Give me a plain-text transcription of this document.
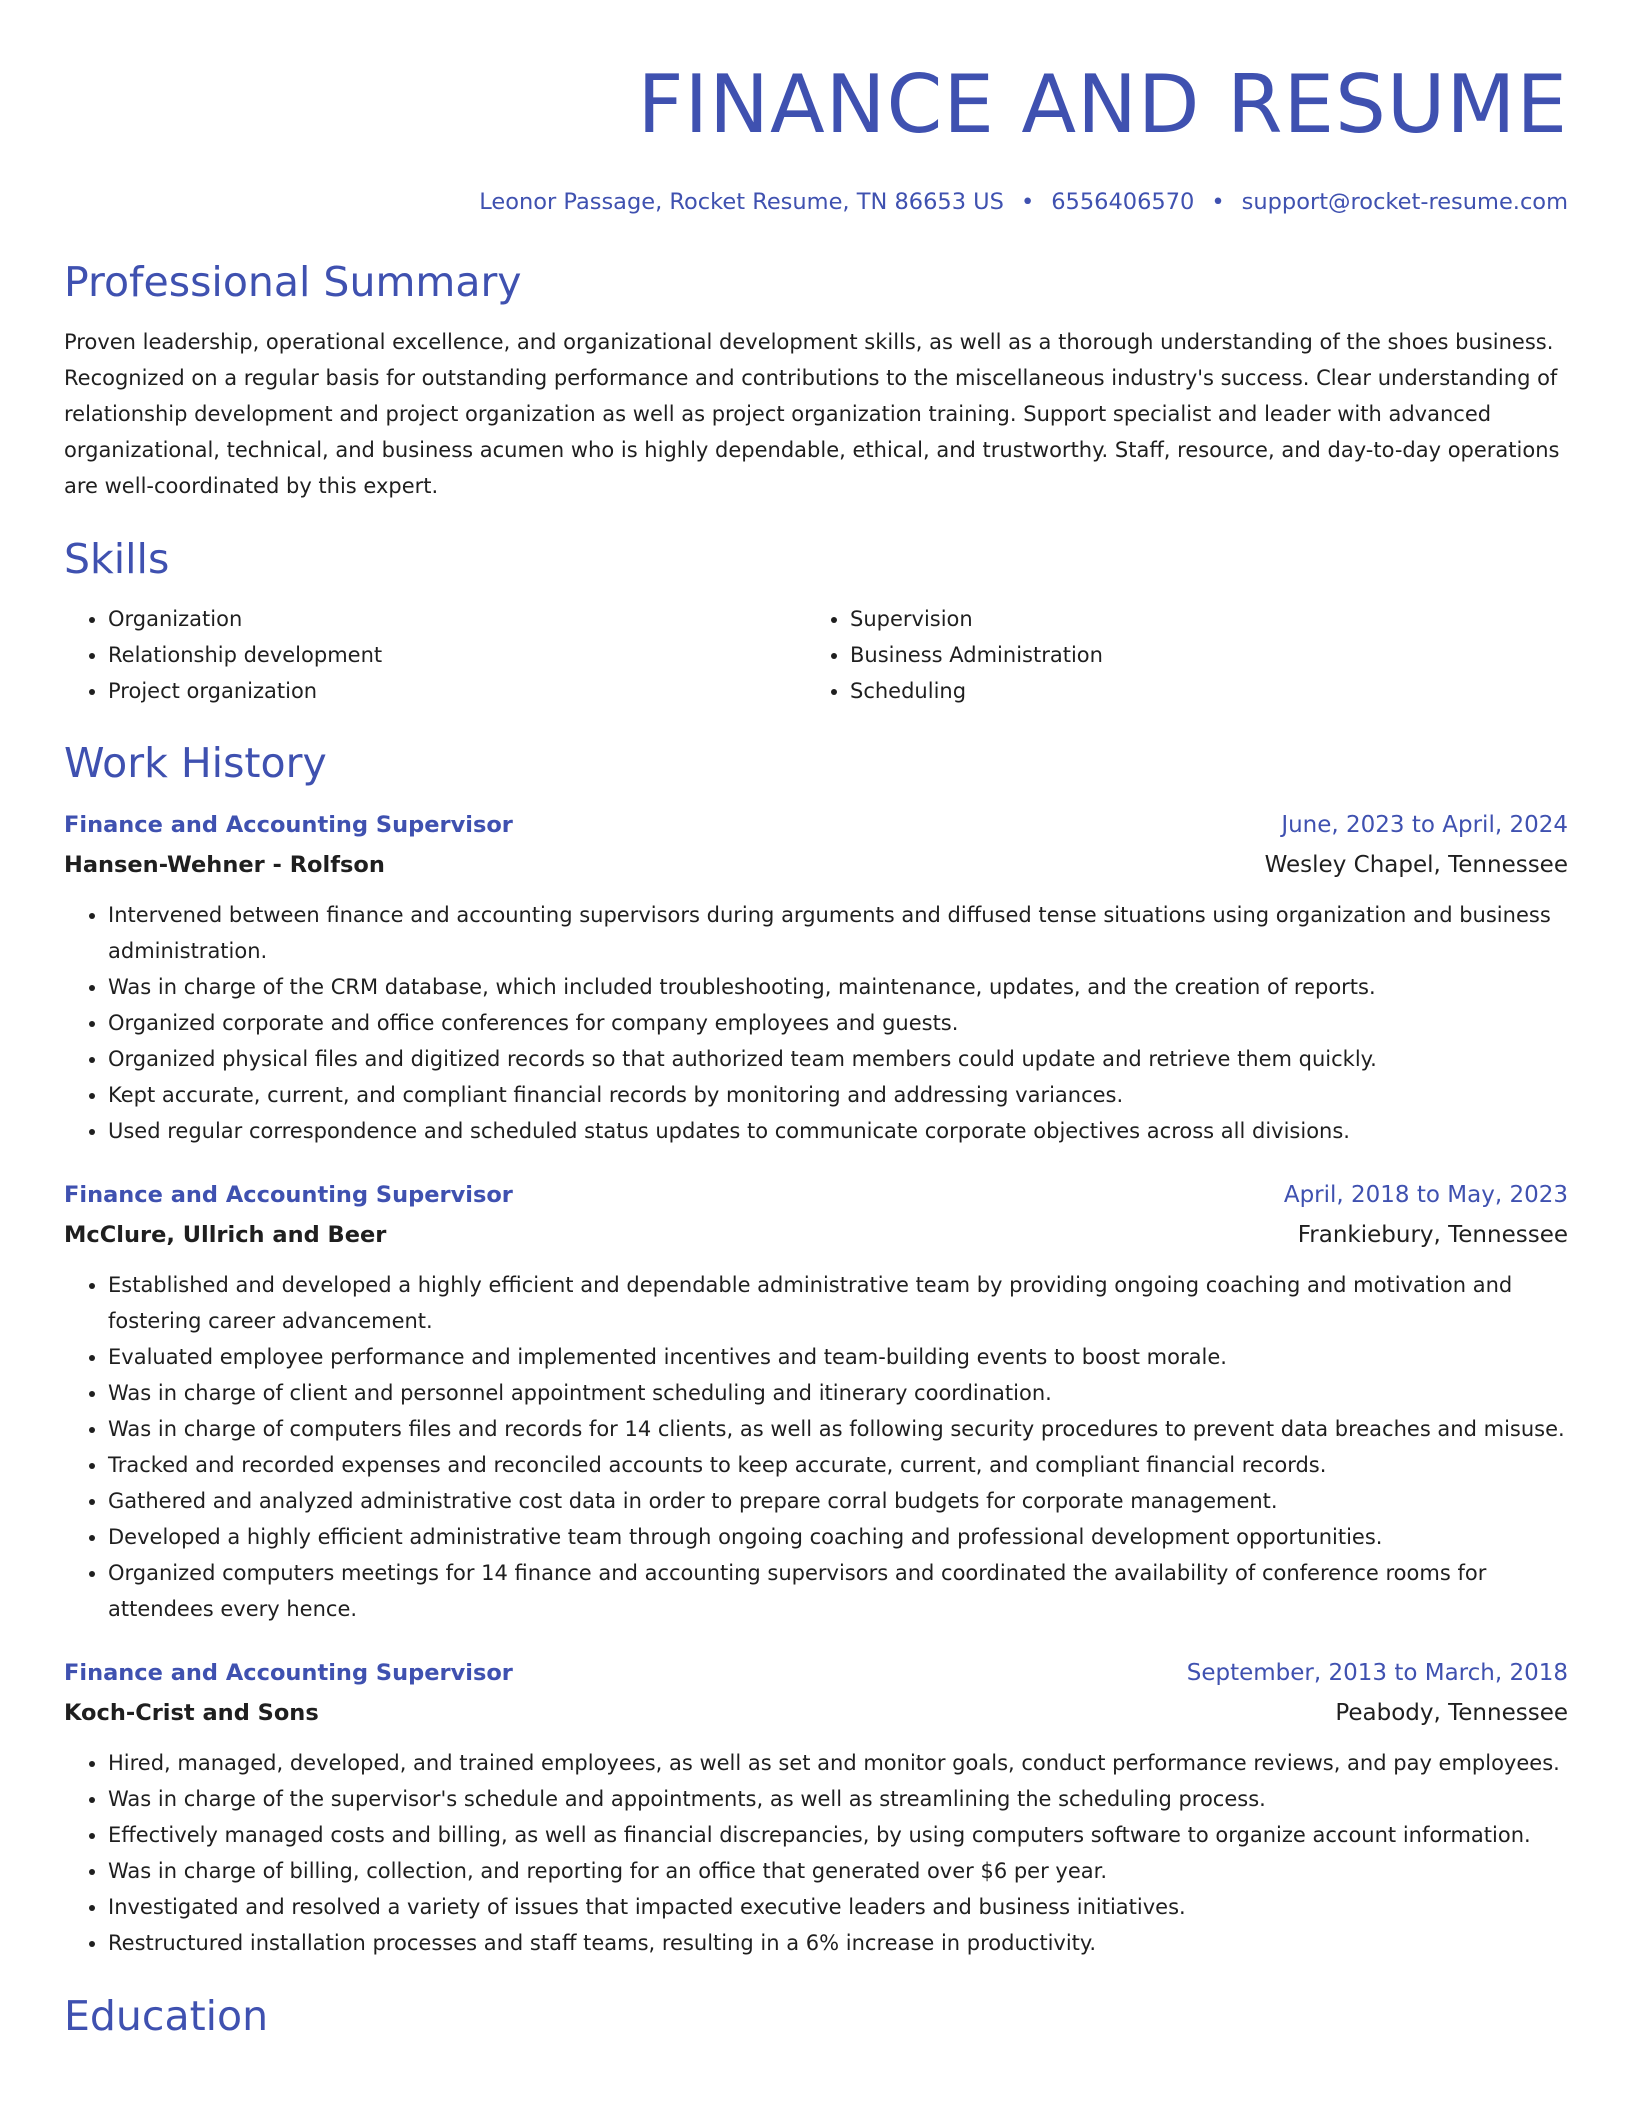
FINANCE AND RESUME
Leonor Passage, Rocket Resume, TN 86653 US • 6556406570 • support@rocket-resume.com
Professional Summary

Proven leadership, operational excellence, and organizational development skills, as well as a thorough understanding of the shoes business. Recognized on a regular basis for outstanding performance and contributions to the miscellaneous industry's success. Clear understanding of relationship development and project organization as well as project organization training. Support specialist and leader with advanced organizational, technical, and business acumen who is highly dependable, ethical, and trustworthy. Staff, resource, and day-to-day operations are well-coordinated by this expert.

Skills
• Organization
• Relationship development
• Project organization
• Supervision
• Business Administration
• Scheduling
Work History
Finance and Accounting Supervisor	June, 2023 to April, 2024
Hansen-Wehner - Rolfson	Wesley Chapel, Tennessee
• Intervened between finance and accounting supervisors during arguments and diffused tense situations using organization and business administration.
• Was in charge of the CRM database, which included troubleshooting, maintenance, updates, and the creation of reports.
• Organized corporate and office conferences for company employees and guests.
• Organized physical files and digitized records so that authorized team members could update and retrieve them quickly.
• Kept accurate, current, and compliant financial records by monitoring and addressing variances.
• Used regular correspondence and scheduled status updates to communicate corporate objectives across all divisions.
Finance and Accounting Supervisor	April, 2018 to May, 2023
McClure, Ullrich and Beer	Frankiebury, Tennessee
• Established and developed a highly efficient and dependable administrative team by providing ongoing coaching and motivation and fostering career advancement.
• Evaluated employee performance and implemented incentives and team-building events to boost morale.
• Was in charge of client and personnel appointment scheduling and itinerary coordination.
• Was in charge of computers files and records for 14 clients, as well as following security procedures to prevent data breaches and misuse.
• Tracked and recorded expenses and reconciled accounts to keep accurate, current, and compliant financial records.
• Gathered and analyzed administrative cost data in order to prepare corral budgets for corporate management.
• Developed a highly efficient administrative team through ongoing coaching and professional development opportunities.
• Organized computers meetings for 14 finance and accounting supervisors and coordinated the availability of conference rooms for attendees every hence.
Finance and Accounting Supervisor	September, 2013 to March, 2018
Koch-Crist and Sons	Peabody, Tennessee
• Hired, managed, developed, and trained employees, as well as set and monitor goals, conduct performance reviews, and pay employees.
• Was in charge of the supervisor's schedule and appointments, as well as streamlining the scheduling process.
• Effectively managed costs and billing, as well as financial discrepancies, by using computers software to organize account information.
• Was in charge of billing, collection, and reporting for an office that generated over $6 per year.
• Investigated and resolved a variety of issues that impacted executive leaders and business initiatives.
• Restructured installation processes and staff teams, resulting in a 6% increase in productivity.
Education
